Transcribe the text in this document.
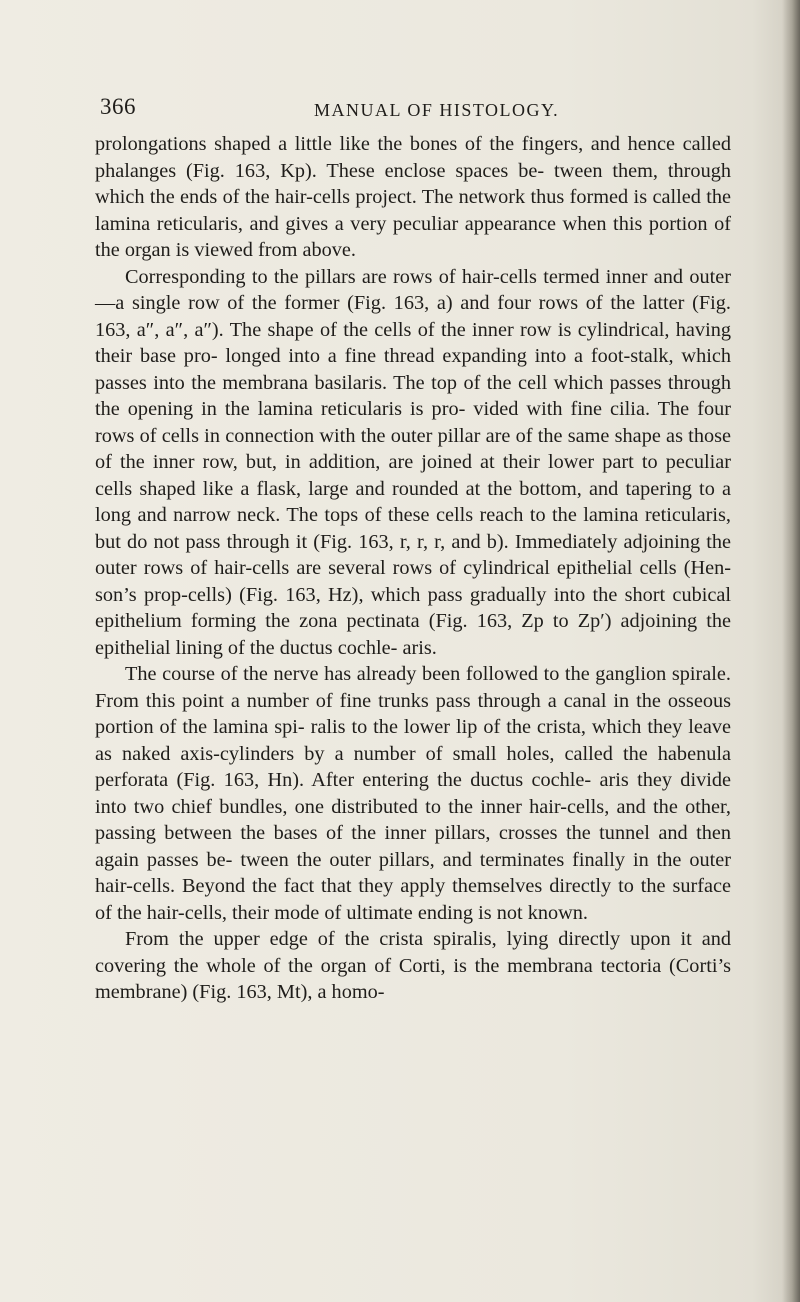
366	MANUAL OF HISTOLOGY.

prolongations shaped a little like the bones of the fingers, and hence called phalanges (Fig. 163, Kp). These enclose spaces be- tween them, through which the ends of the hair-cells project. The network thus formed is called the lamina reticularis, and gives a very peculiar appearance when this portion of the organ is viewed from above.

Corresponding to the pillars are rows of hair-cells termed inner and outer—a single row of the former (Fig. 163, a) and four rows of the latter (Fig. 163, a″, a″, a″). The shape of the cells of the inner row is cylindrical, having their base pro- longed into a fine thread expanding into a foot-stalk, which passes into the membrana basilaris. The top of the cell which passes through the opening in the lamina reticularis is pro- vided with fine cilia. The four rows of cells in connection with the outer pillar are of the same shape as those of the inner row, but, in addition, are joined at their lower part to peculiar cells shaped like a flask, large and rounded at the bottom, and tapering to a long and narrow neck. The tops of these cells reach to the lamina reticularis, but do not pass through it (Fig. 163, r, r, r, and b). Immediately adjoining the outer rows of hair-cells are several rows of cylindrical epithelial cells (Hen- son’s prop-cells) (Fig. 163, Hz), which pass gradually into the short cubical epithelium forming the zona pectinata (Fig. 163, Zp to Zp′) adjoining the epithelial lining of the ductus cochle- aris.

The course of the nerve has already been followed to the ganglion spirale. From this point a number of fine trunks pass through a canal in the osseous portion of the lamina spi- ralis to the lower lip of the crista, which they leave as naked axis-cylinders by a number of small holes, called the habenula perforata (Fig. 163, Hn). After entering the ductus cochle- aris they divide into two chief bundles, one distributed to the inner hair-cells, and the other, passing between the bases of the inner pillars, crosses the tunnel and then again passes be- tween the outer pillars, and terminates finally in the outer hair-cells. Beyond the fact that they apply themselves directly to the surface of the hair-cells, their mode of ultimate ending is not known.

From the upper edge of the crista spiralis, lying directly upon it and covering the whole of the organ of Corti, is the membrana tectoria (Corti’s membrane) (Fig. 163, Mt), a homo-
